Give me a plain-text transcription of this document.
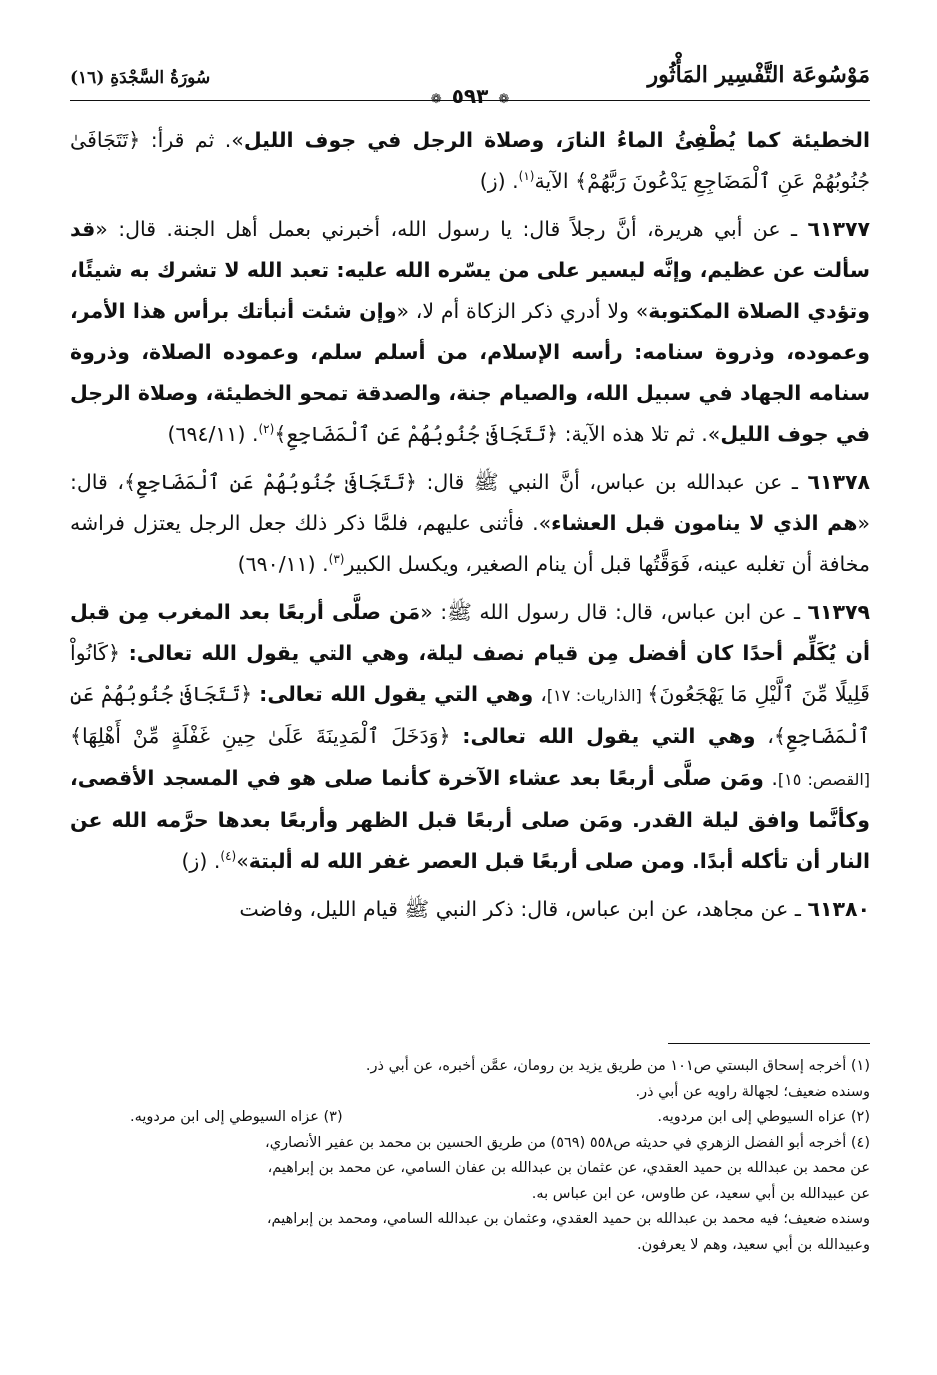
مَوْسُوعَة التَّفْسِير المَأْثُور
❁ ٥٩٣ ❁
سُورَةُ السَّجْدَةِ (١٦)

الخطيئة كما يُطْفِئُ الماءُ النارَ، وصلاة الرجل في جوف الليل». ثم قرأ: ﴿تَتَجَافَىٰ جُنُوبُهُمْ عَنِ ٱلْمَضَاجِعِ يَدْعُونَ رَبَّهُمْ﴾ الآية$^{(١)}$. (ز)

٦١٣٧٧ ـ عن أبي هريرة، أنَّ رجلاً قال: يا رسول الله، أخبرني بعمل أهل الجنة. قال: «قد سألت عن عظيم، وإنَّه ليسير على من يسّره الله عليه: تعبد الله لا تشرك به شيئًا، وتؤدي الصلاة المكتوبة» ولا أدري ذكر الزكاة أم لا، «وإن شئت أنبأتك برأس هذا الأمر، وعموده، وذروة سنامه: رأسه الإسلام، من أسلم سلم، وعموده الصلاة، وذروة سنامه الجهاد في سبيل الله، والصيام جنة، والصدقة تمحو الخطيئة، وصلاة الرجل في جوف الليل». ثم تلا هذه الآية: ﴿تَتَجَافَىٰ جُنُوبُهُمْ عَنِ ٱلْمَضَاجِعِ﴾$^{(٢)}$. (٦٩٤/١١)

٦١٣٧٨ ـ عن عبدالله بن عباس، أنَّ النبي ﷺ قال: ﴿تَتَجَافَىٰ جُنُوبُهُمْ عَنِ ٱلْمَضَاجِعِ﴾، قال: «هم الذي لا ينامون قبل العشاء». فأثنى عليهم، فلمَّا ذكر ذلك جعل الرجل يعتزل فراشه مخافة أن تغلبه عينه، فَوَقَّتُها قبل أن ينام الصغير، ويكسل الكبير$^{(٣)}$. (٦٩٠/١١)

٦١٣٧٩ ـ عن ابن عباس، قال: قال رسول الله ﷺ: «مَن صلَّى أربعًا بعد المغرب مِن قبل أن يُكَلِّم أحدًا كان أفضل مِن قيام نصف ليلة، وهي التي يقول الله تعالى: ﴿كَانُواْ قَلِيلًا مِّنَ ٱلَّيْلِ مَا يَهْجَعُونَ﴾ [الذاريات: ١٧]، وهي التي يقول الله تعالى: ﴿تَتَجَافَىٰ جُنُوبُهُمْ عَنِ ٱلْمَضَاجِعِ﴾، وهي التي يقول الله تعالى: ﴿وَدَخَلَ ٱلْمَدِينَةَ عَلَىٰ حِينِ غَفْلَةٍ مِّنْ أَهْلِهَا﴾ [القصص: ١٥]. ومَن صلَّى أربعًا بعد عشاء الآخرة كأنما صلى هو في المسجد الأقصى، وكأنَّما وافق ليلة القدر. ومَن صلى أربعًا قبل الظهر وأربعًا بعدها حرَّمه الله عن النار أن تأكله أبدًا. ومن صلى أربعًا قبل العصر غفر الله له ألبتة»$^{(٤)}$. (ز)

٦١٣٨٠ ـ عن مجاهد، عن ابن عباس، قال: ذكر النبي ﷺ قيام الليل، وفاضت

(١) أخرجه إسحاق البستي ص١٠١ من طريق يزيد بن رومان، عمَّن أخبره، عن أبي ذر.

وسنده ضعيف؛ لجهالة راويه عن أبي ذر.

(٢) عزاه السيوطي إلى ابن مردويه.
(٣) عزاه السيوطي إلى ابن مردويه.

(٤) أخرجه أبو الفضل الزهري في حديثه ص٥٥٨ (٥٦٩) من طريق الحسين بن محمد بن عفير الأنصاري،

عن محمد بن عبدالله بن حميد العقدي، عن عثمان بن عبدالله بن عفان السامي، عن محمد بن إبراهيم،

عن عبيدالله بن أبي سعيد، عن طاوس، عن ابن عباس به.

وسنده ضعيف؛ فيه محمد بن عبدالله بن حميد العقدي، وعثمان بن عبدالله السامي، ومحمد بن إبراهيم،

وعبيدالله بن أبي سعيد، وهم لا يعرفون.
